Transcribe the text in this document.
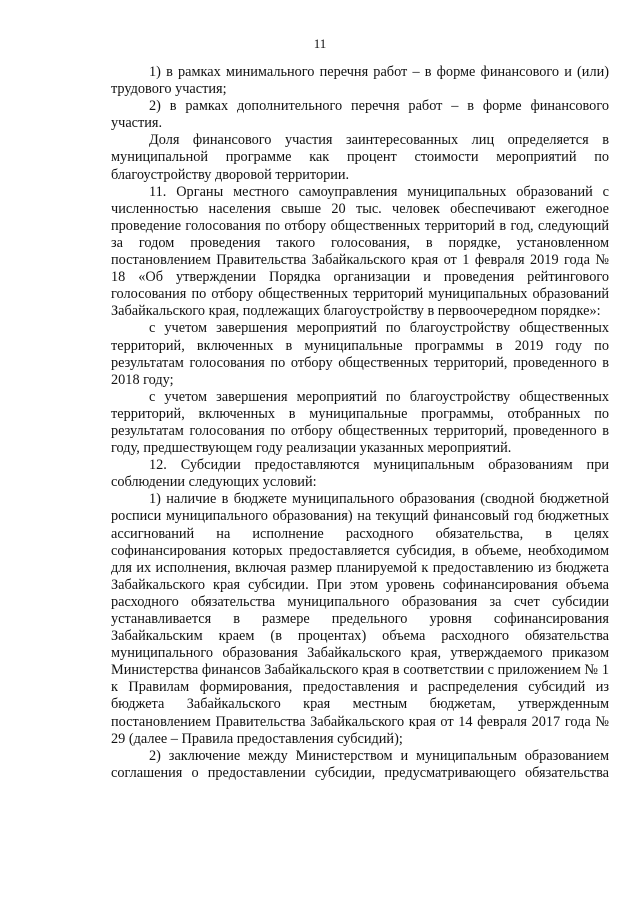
11

1) в рамках минимального перечня работ – в форме финансового и (или) трудового участия;

2) в рамках дополнительного перечня работ – в форме финансового участия.

Доля финансового участия заинтересованных лиц определяется в муниципальной программе как процент стоимости мероприятий по благоустройству дворовой территории.

11. Органы местного самоуправления муниципальных образований с численностью населения свыше 20 тыс. человек обеспечивают ежегодное проведение голосования по отбору общественных территорий в год, следующий за годом проведения такого голосования, в порядке, установленном постановлением Правительства Забайкальского края от 1 февраля 2019 года № 18 «Об утверждении Порядка организации и проведения рейтингового голосования по отбору общественных территорий муниципальных образований Забайкальского края, подлежащих благоустройству в первоочередном порядке»:

с учетом завершения мероприятий по благоустройству общественных территорий, включенных в муниципальные программы в 2019 году по результатам голосования по отбору общественных территорий, проведенного в 2018 году;

с учетом завершения мероприятий по благоустройству общественных территорий, включенных в муниципальные программы, отобранных по результатам голосования по отбору общественных территорий, проведенного в году, предшествующем году реализации указанных мероприятий.

12. Субсидии предоставляются муниципальным образованиям при соблюдении следующих условий:

1) наличие в бюджете муниципального образования (сводной бюджетной росписи муниципального образования) на текущий финансовый год бюджетных ассигнований на исполнение расходного обязательства, в целях софинансирования которых предоставляется субсидия, в объеме, необходимом для их исполнения, включая размер планируемой к предоставлению из бюджета Забайкальского края субсидии. При этом уровень софинансирования объема расходного обязательства муниципального образования за счет субсидии устанавливается в размере предельного уровня софинансирования Забайкальским краем (в процентах) объема расходного обязательства муниципального образования Забайкальского края, утверждаемого приказом Министерства финансов Забайкальского края в соответствии с приложением № 1 к Правилам формирования, предоставления и распределения субсидий из бюджета Забайкальского края местным бюджетам, утвержденным постановлением Правительства Забайкальского края от 14 февраля 2017 года № 29 (далее – Правила предоставления субсидий);

2) заключение между Министерством и муниципальным образованием соглашения о предоставлении субсидии, предусматривающего обязательства
